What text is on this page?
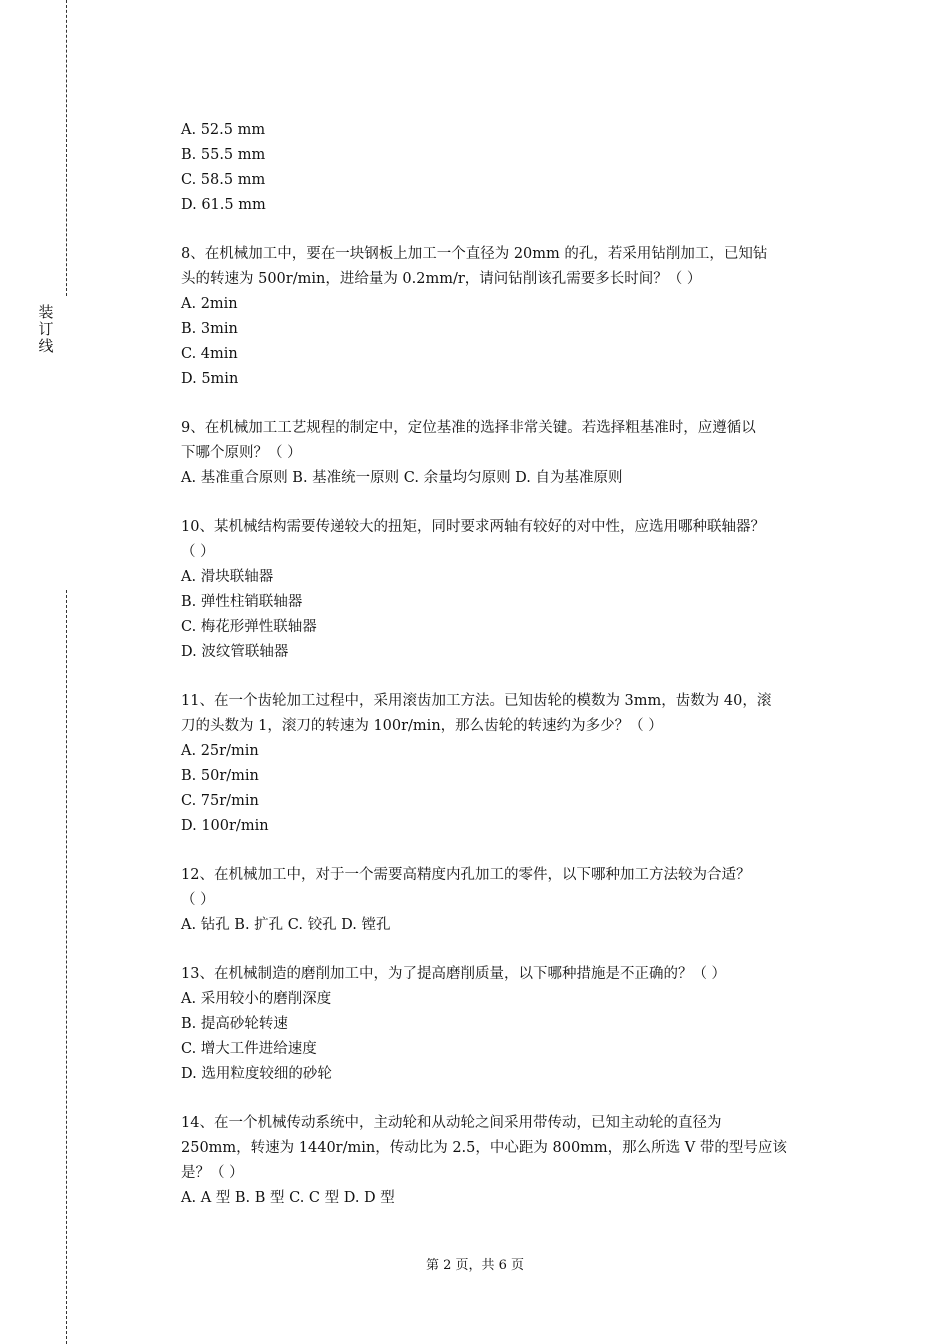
装订线
A. 52.5 mm
B. 55.5 mm
C. 58.5 mm
D. 61.5 mm
8、在机械加工中，要在一块钢板上加工一个直径为 20mm 的孔，若采用钻削加工，已知钻
头的转速为 500r/min，进给量为 0.2mm/r，请问钻削该孔需要多长时间？（ ）
A. 2min
B. 3min
C. 4min
D. 5min
9、在机械加工工艺规程的制定中，定位基准的选择非常关键。若选择粗基准时，应遵循以
下哪个原则？（ ）
A. 基准重合原则 B. 基准统一原则 C. 余量均匀原则 D. 自为基准原则
10、某机械结构需要传递较大的扭矩，同时要求两轴有较好的对中性，应选用哪种联轴器？
（ ）
A. 滑块联轴器
B. 弹性柱销联轴器
C. 梅花形弹性联轴器
D. 波纹管联轴器
11、在一个齿轮加工过程中，采用滚齿加工方法。已知齿轮的模数为 3mm，齿数为 40，滚
刀的头数为 1，滚刀的转速为 100r/min，那么齿轮的转速约为多少？（ ）
A. 25r/min
B. 50r/min
C. 75r/min
D. 100r/min
12、在机械加工中，对于一个需要高精度内孔加工的零件，以下哪种加工方法较为合适？
（ ）
A. 钻孔 B. 扩孔 C. 铰孔 D. 镗孔
13、在机械制造的磨削加工中，为了提高磨削质量，以下哪种措施是不正确的？（ ）
A. 采用较小的磨削深度
B. 提高砂轮转速
C. 增大工件进给速度
D. 选用粒度较细的砂轮
14、在一个机械传动系统中，主动轮和从动轮之间采用带传动，已知主动轮的直径为
250mm，转速为 1440r/min，传动比为 2.5，中心距为 800mm，那么所选 V 带的型号应该
是？（ ）
A. A 型 B. B 型 C. C 型 D. D 型
第 2 页，共 6 页
